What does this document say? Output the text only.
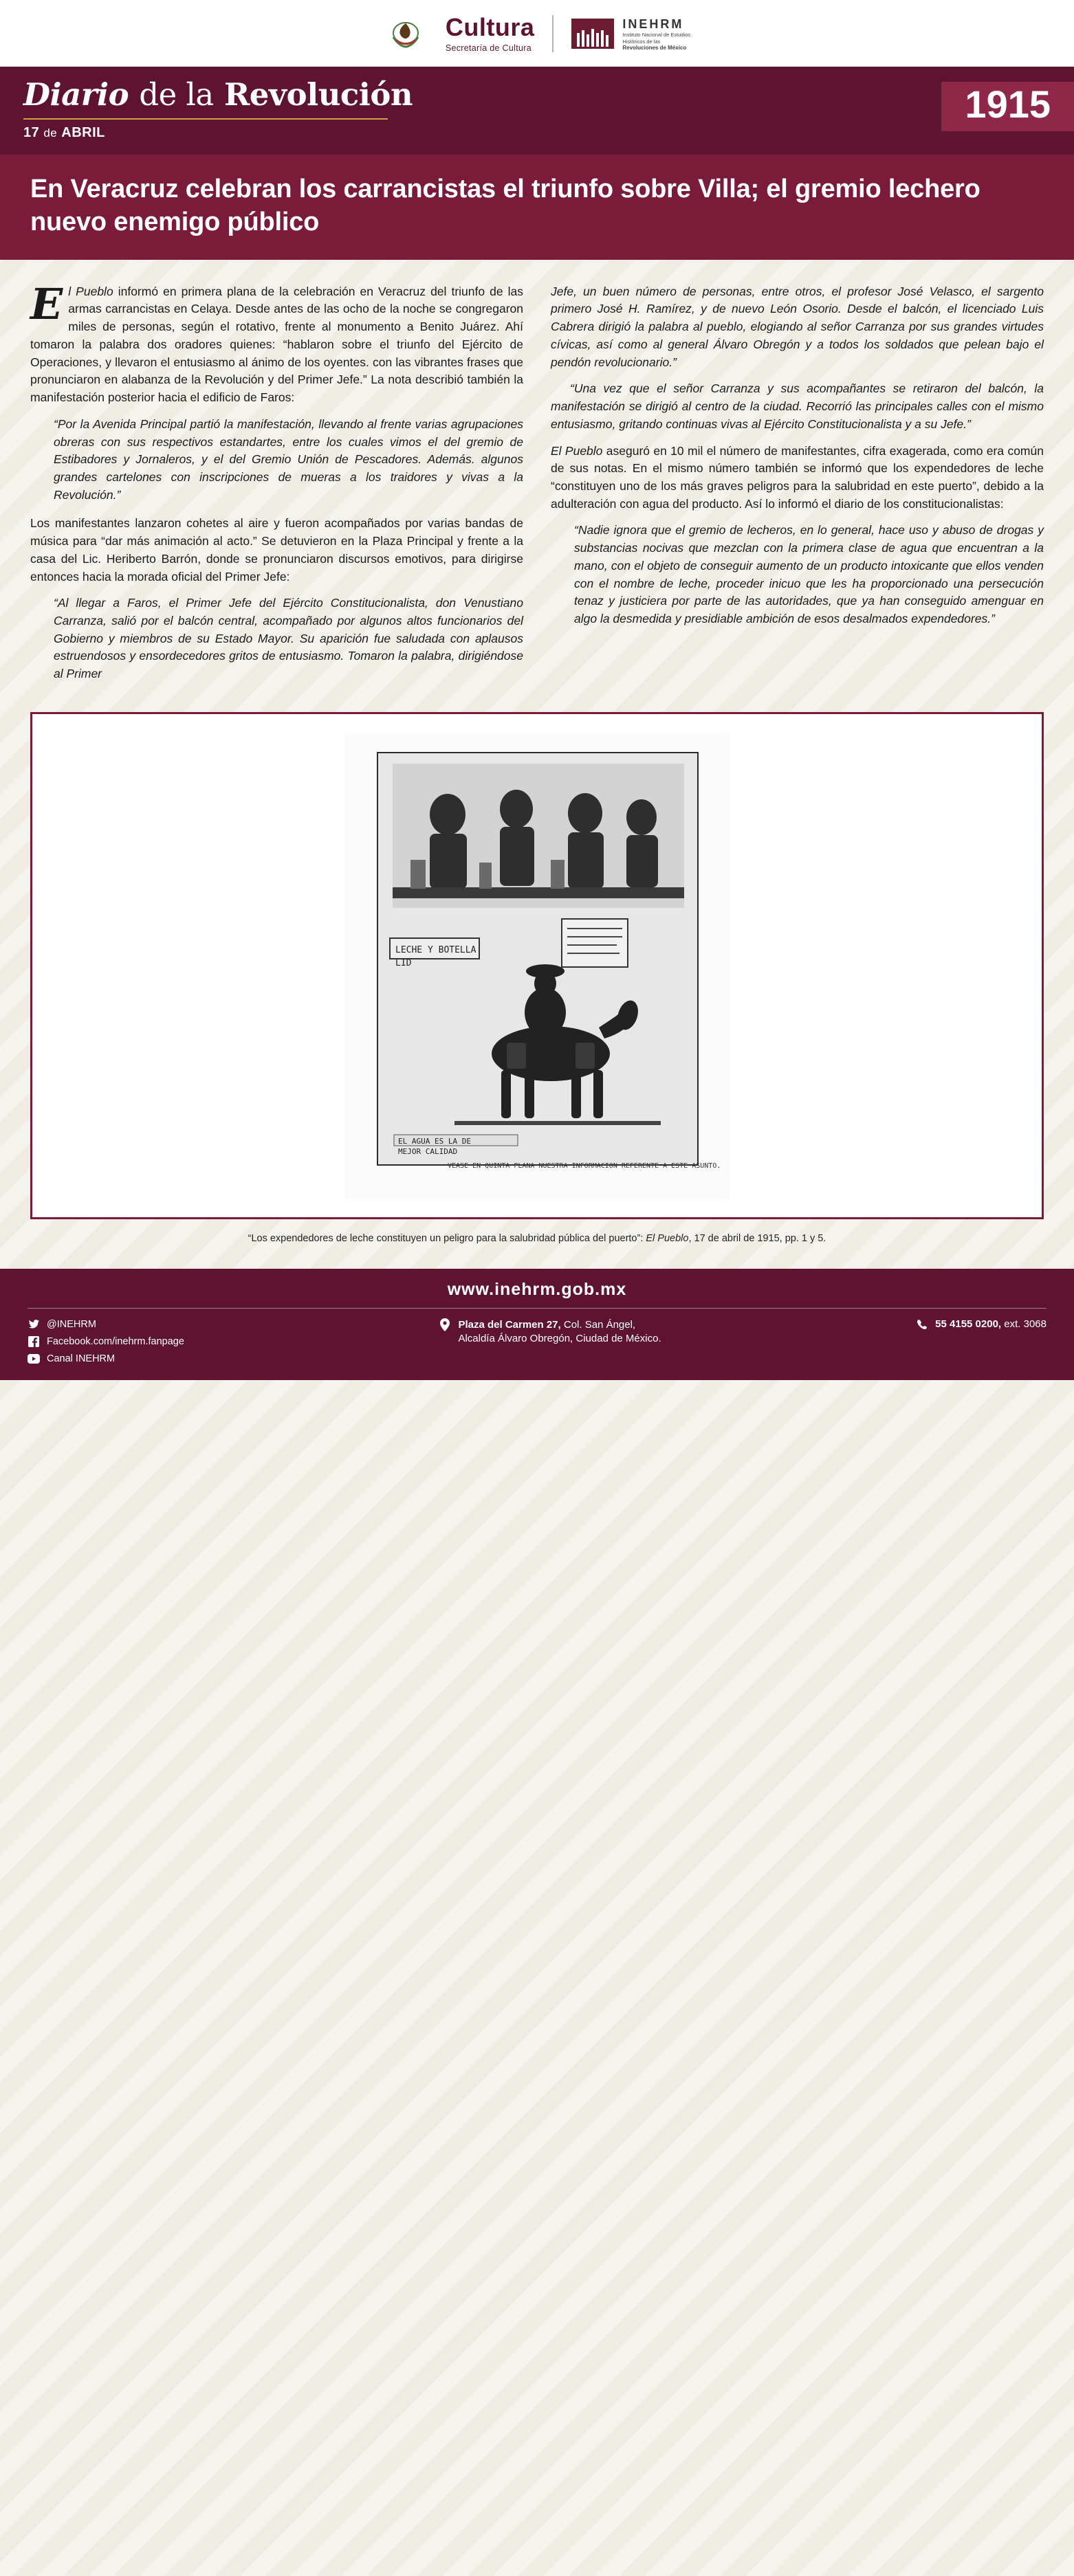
Cultura
Secretaría de Cultura
INEHRM
Instituto Nacional de Estudios
Históricos de las
Revoluciones de México
Diario de la Revolución
17 de ABRIL
1915
En Veracruz celebran los carrancistas el triunfo sobre Villa; el gremio lechero nuevo enemigo público

El Pueblo informó en primera plana de la celebración en Veracruz del triunfo de las armas carrancistas en Celaya. Desde antes de las ocho de la noche se congregaron miles de personas, según el rotativo, frente al monumento a Benito Juárez. Ahí tomaron la palabra dos oradores quienes: “hablaron sobre el triunfo del Ejército de Operaciones, y llevaron el entusiasmo al ánimo de los oyentes. con las vibrantes frases que pronunciaron en alabanza de la Revolución y del Primer Jefe.” La nota describió también la manifestación posterior hacia el edificio de Faros:

“Por la Avenida Principal partió la manifestación, llevando al frente varias agrupaciones obreras con sus respectivos estandartes, entre los cuales vimos el del gremio de Estibadores y Jornaleros, y el del Gremio Unión de Pescadores. Además. algunos grandes cartelones con inscripciones de mueras a los traidores y vivas a la Revolución.”

Los manifestantes lanzaron cohetes al aire y fueron acompañados por varias bandas de música para “dar más animación al acto.” Se detuvieron en la Plaza Principal y frente a la casa del Lic. Heriberto Barrón, donde se pronunciaron discursos emotivos, para dirigirse entonces hacia la morada oficial del Primer Jefe:

“Al llegar a Faros, el Primer Jefe del Ejército Constitucionalista, don Venustiano Carranza, salió por el balcón central, acompañado por algunos altos funcionarios del Gobierno y miembros de su Estado Mayor. Su aparición fue saludada con aplausos estruendosos y ensordecedores gritos de entusiasmo. Tomaron la palabra, dirigiéndose al Primer

Jefe, un buen número de personas, entre otros, el profesor José Velasco, el sargento primero José H. Ramírez, y de nuevo León Osorio. Desde el balcón, el licenciado Luis Cabrera dirigió la palabra al pueblo, elogiando al señor Carranza por sus grandes virtudes cívicas, así como al general Álvaro Obregón y a todos los soldados que pelean bajo el pendón revolucionario.”

“Una vez que el señor Carranza y sus acompañantes se retiraron del balcón, la manifestación se dirigió al centro de la ciudad. Recorrió las principales calles con el mismo entusiasmo, gritando continuas vivas al Ejército Constitucionalista y a su Jefe.”

El Pueblo aseguró en 10 mil el número de manifestantes, cifra exagerada, como era común de sus notas. En el mismo número también se informó que los expendedores de leche “constituyen uno de los más graves peligros para la salubridad en este puerto”, debido a la adulteración con agua del producto. Así lo informó el diario de los constitucionalistas:

“Nadie ignora que el gremio de lecheros, en lo general, hace uso y abuso de drogas y substancias nocivas que mezclan con la primera clase de agua que encuentran a la mano, con el objeto de conseguir aumento de un producto intoxicante que ellos venden con el nombre de leche, proceder inicuo que les ha proporcionado una persecución tenaz y justiciera por parte de las autoridades, que ya han conseguido amenguar en algo la desmedida y presidiable ambición de esos desalmados expendedores.”

LECHE Y BOTELLA
LID
EL AGUA ES LA DE
MEJOR CALIDAD
VEASE EN QUINTA PLANA NUESTRA INFORMACION REFERENTE A ESTE ASUNTO.
“Los expendedores de leche constituyen un peligro para la salubridad pública del puerto”: El Pueblo, 17 de abril de 1915, pp. 1 y 5.
www.inehrm.gob.mx
@INEHRM
Facebook.com/inehrm.fanpage
Canal INEHRM
Plaza del Carmen 27, Col. San Ángel,
Alcaldía Álvaro Obregón, Ciudad de México.
55 4155 0200, ext. 3068
